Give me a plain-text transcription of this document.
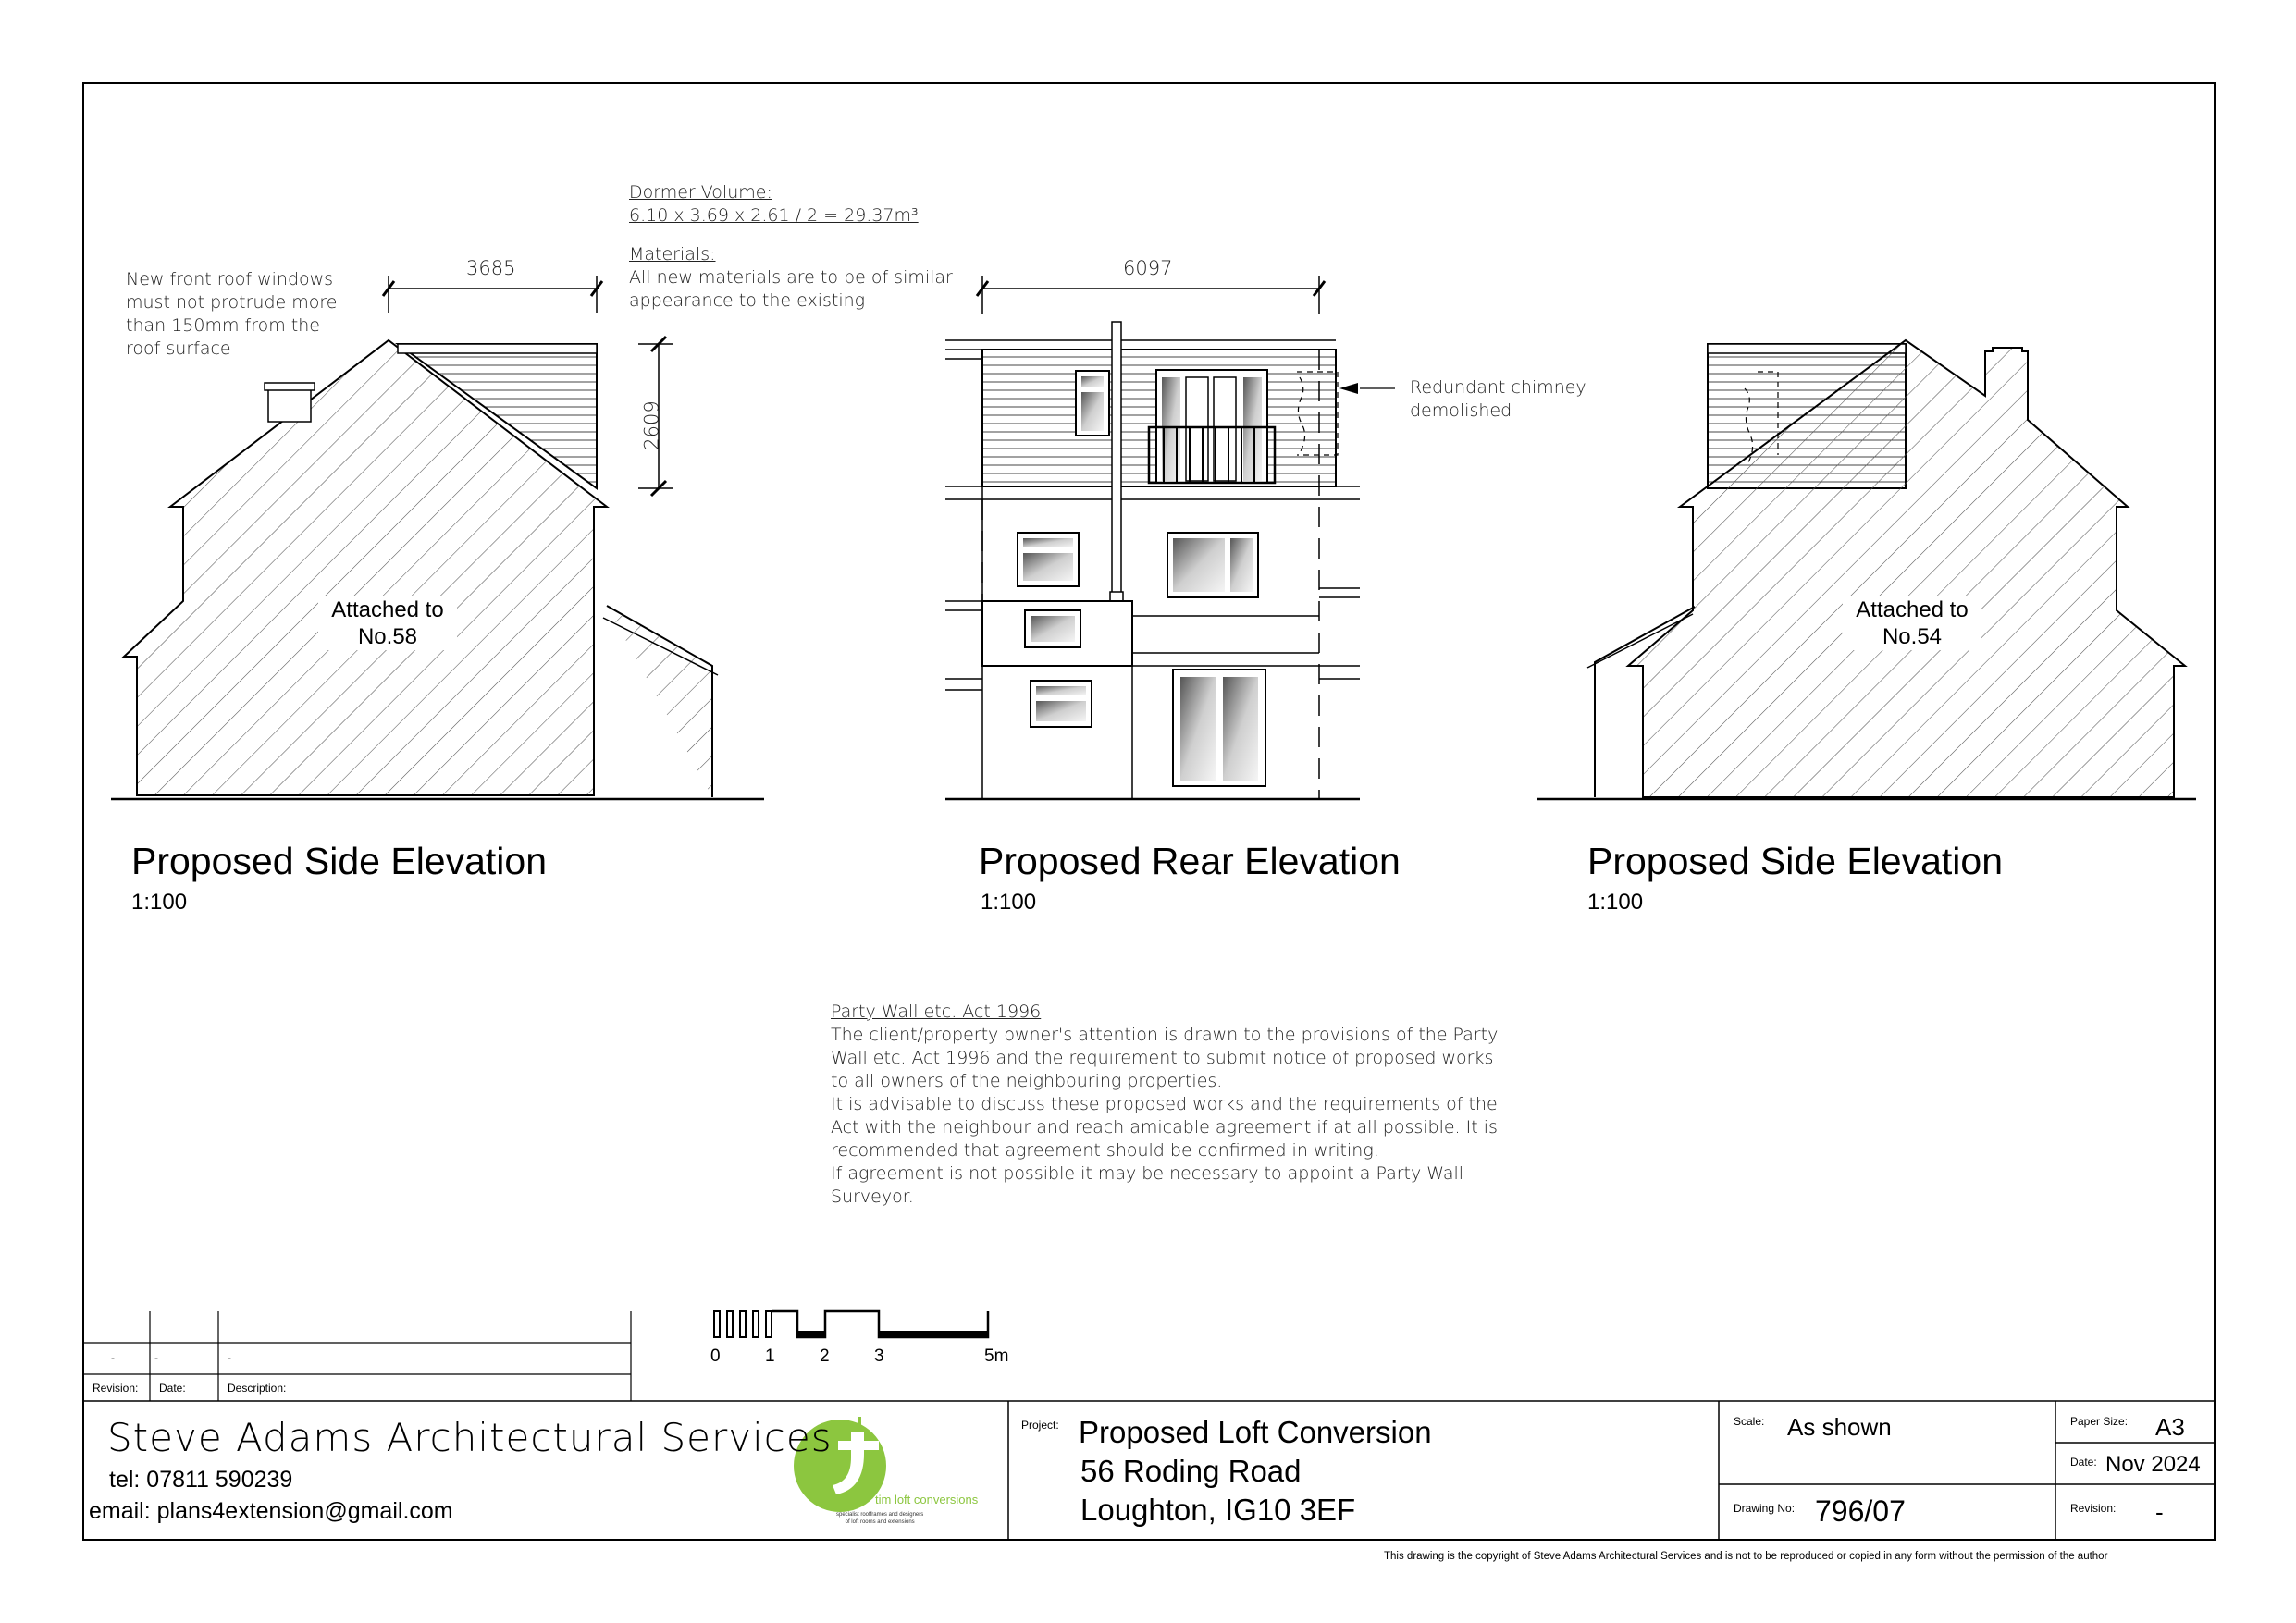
New front roof windows
must not protrude more
than 150mm from the
roof surface
Dormer Volume:
6.10 x 3.69 x 2.61 / 2 = 29.37m³
Materials:
All new materials are to be of similar
appearance to the existing
Redundant chimney
demolished
3685
2609
6097
Attached to
No.58
Attached to
No.54
Proposed Side Elevation
1:100
Proposed Rear Elevation
1:100
Proposed Side Elevation
1:100
Party Wall etc. Act 1996
The client/property owner's attention is drawn to the provisions of the Party
Wall etc. Act 1996 and the requirement to submit notice of proposed works
to all owners of the neighbouring properties.
It is advisable to discuss these proposed works and the requirements of the
Act with the neighbour and reach amicable agreement if at all possible. It is
recommended that agreement should be confirmed in writing.
If agreement is not possible it may be necessary to appoint a Party Wall
Surveyor.
0	1	2	3	5m
-	-	-
Revision: Date:	Description:
Steve Adams Architectural Services
tel: 07811 590239
email: plans4extension@gmail.com	tim loft conversions
specialist roofframes and designers
of loft rooms and extensions
Project: Proposed Loft Conversion
56 Roding Road
Loughton, IG10 3EF
Scale: As shown
Drawing No: 796/07
Paper Size: A3
Date: Nov 2024
Revision: -
This drawing is the copyright of Steve Adams Architectural Services and is not to be reproduced or copied in any form without the permission of the author
